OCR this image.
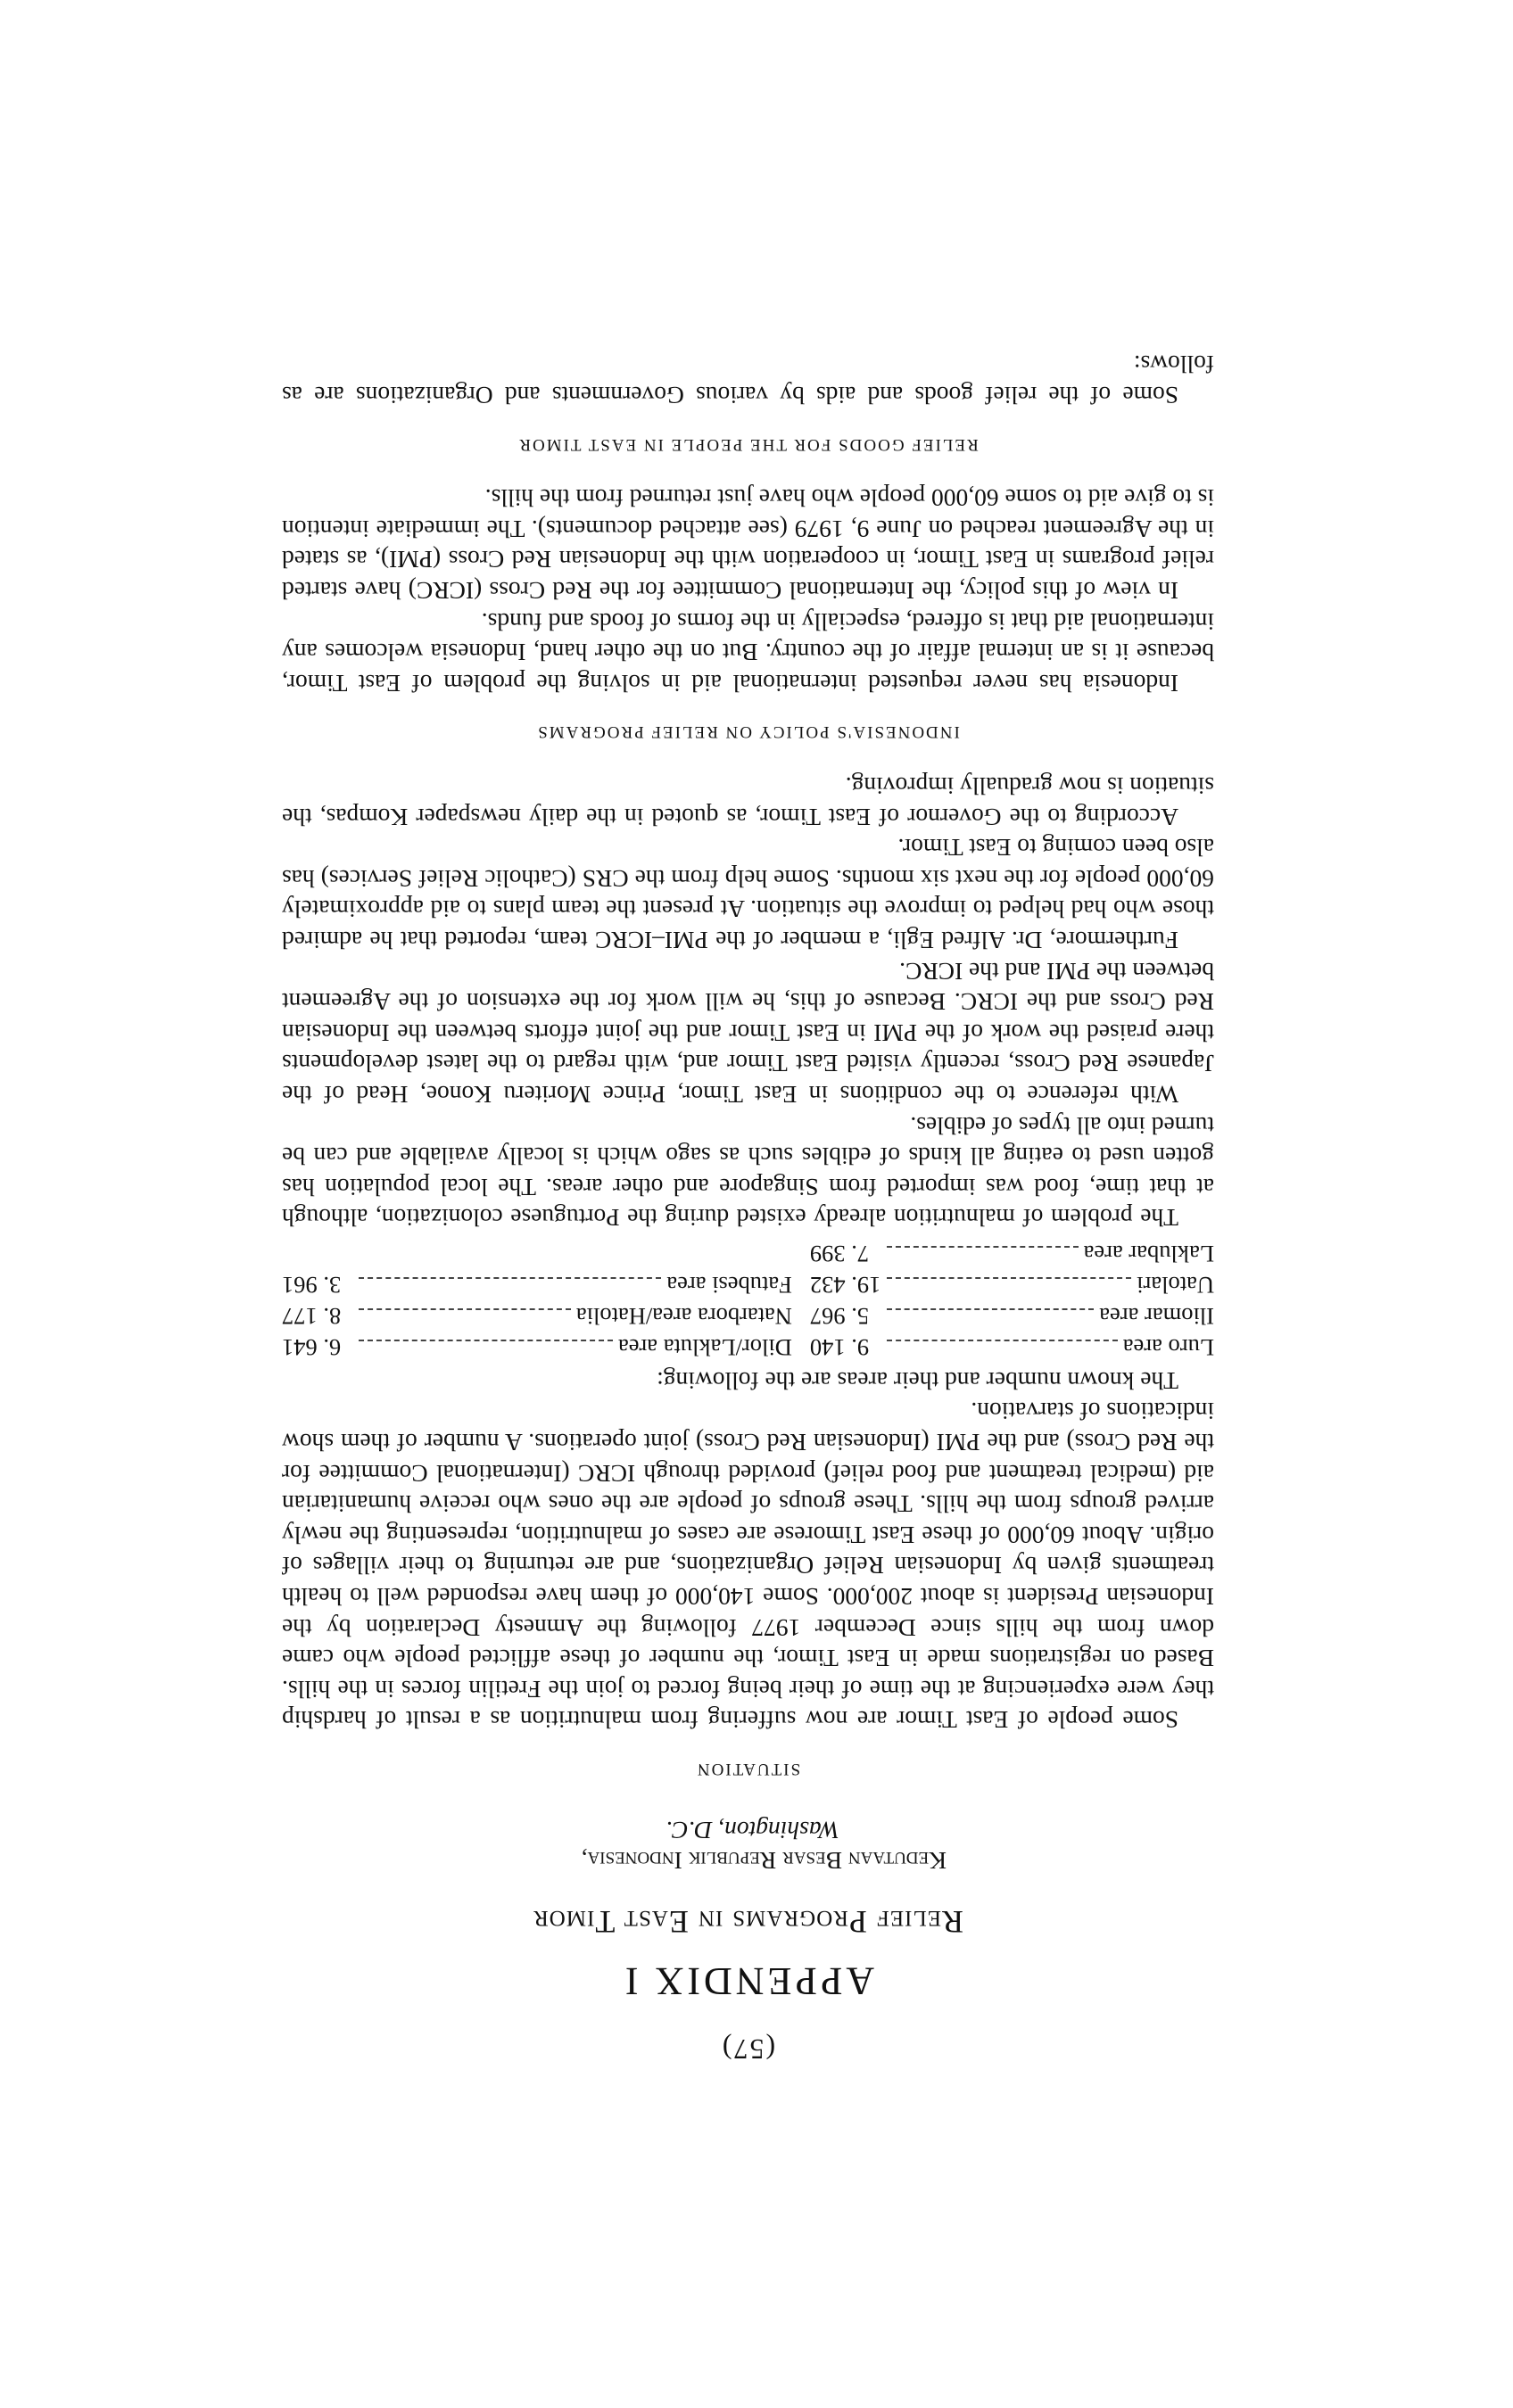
(57)
APPENDIX I
Relief Programs in East Timor
Kedutaan Besar Republik Indonesia,
Washington, D.C.
SITUATION

Some people of East Timor are now suffering from malnutrition as a result of hardship they were experiencing at the time of their being forced to join the Fretilin forces in the hills. Based on registrations made in East Timor, the number of these afflicted people who came down from the hills since December 1977 following the Amnesty Declaration by the Indonesian President is about 200,000. Some 140,000 of them have responded well to health treatments given by Indonesian Relief Organizations, and are returning to their villages of origin. About 60,000 of these East Timorese are cases of malnutrition, representing the newly arrived groups from the hills. These groups of people are the ones who receive humanitarian aid (medical treatment and food relief) provided through ICRC (International Committee for the Red Cross) and the PMI (Indonesian Red Cross) joint operations. A number of them show indications of starvation.

The known number and their areas are the following:

Luro area	9. 140	Dilor/Lakluta area	6. 641

Iliomar area	5. 967	Natarbora area/Hatolia	8. 177

Uatolari	19. 432	Fatubesi area	3. 961

Laklubar area	7. 399		

The problem of malnutrition already existed during the Portuguese colonization, although at that time, food was imported from Singapore and other areas. The local population has gotten used to eating all kinds of edibles such as sago which is locally available and can be turned into all types of edibles.

With reference to the conditions in East Timor, Prince Moriteru Konoe, Head of the Japanese Red Cross, recently visited East Timor and, with regard to the latest developments there praised the work of the PMI in East Timor and the joint efforts between the Indonesian Red Cross and the ICRC. Because of this, he will work for the extension of the Agreement between the PMI and the ICRC.

Furthermore, Dr. Alfred Egli, a member of the PMI–ICRC team, reported that he admired those who had helped to improve the situation. At present the team plans to aid approximately 60,000 people for the next six months. Some help from the CRS (Catholic Relief Services) has also been coming to East Timor.

According to the Governor of East Timor, as quoted in the daily newspaper Kompas, the situation is now gradually improving.

INDONESIA'S POLICY ON RELIEF PROGRAMS

Indonesia has never requested international aid in solving the problem of East Timor, because it is an internal affair of the country. But on the other hand, Indonesia welcomes any international aid that is offered, especially in the forms of foods and funds.

In view of this policy, the International Committee for the Red Cross (ICRC) have started relief programs in East Timor, in cooperation with the Indonesian Red Cross (PMI), as stated in the Agreement reached on June 9, 1979 (see attached documents). The immediate intention is to give aid to some 60,000 people who have just returned from the hills.

RELIEF GOODS FOR THE PEOPLE IN EAST TIMOR

Some of the relief goods and aids by various Governments and Organizations are as follows:
